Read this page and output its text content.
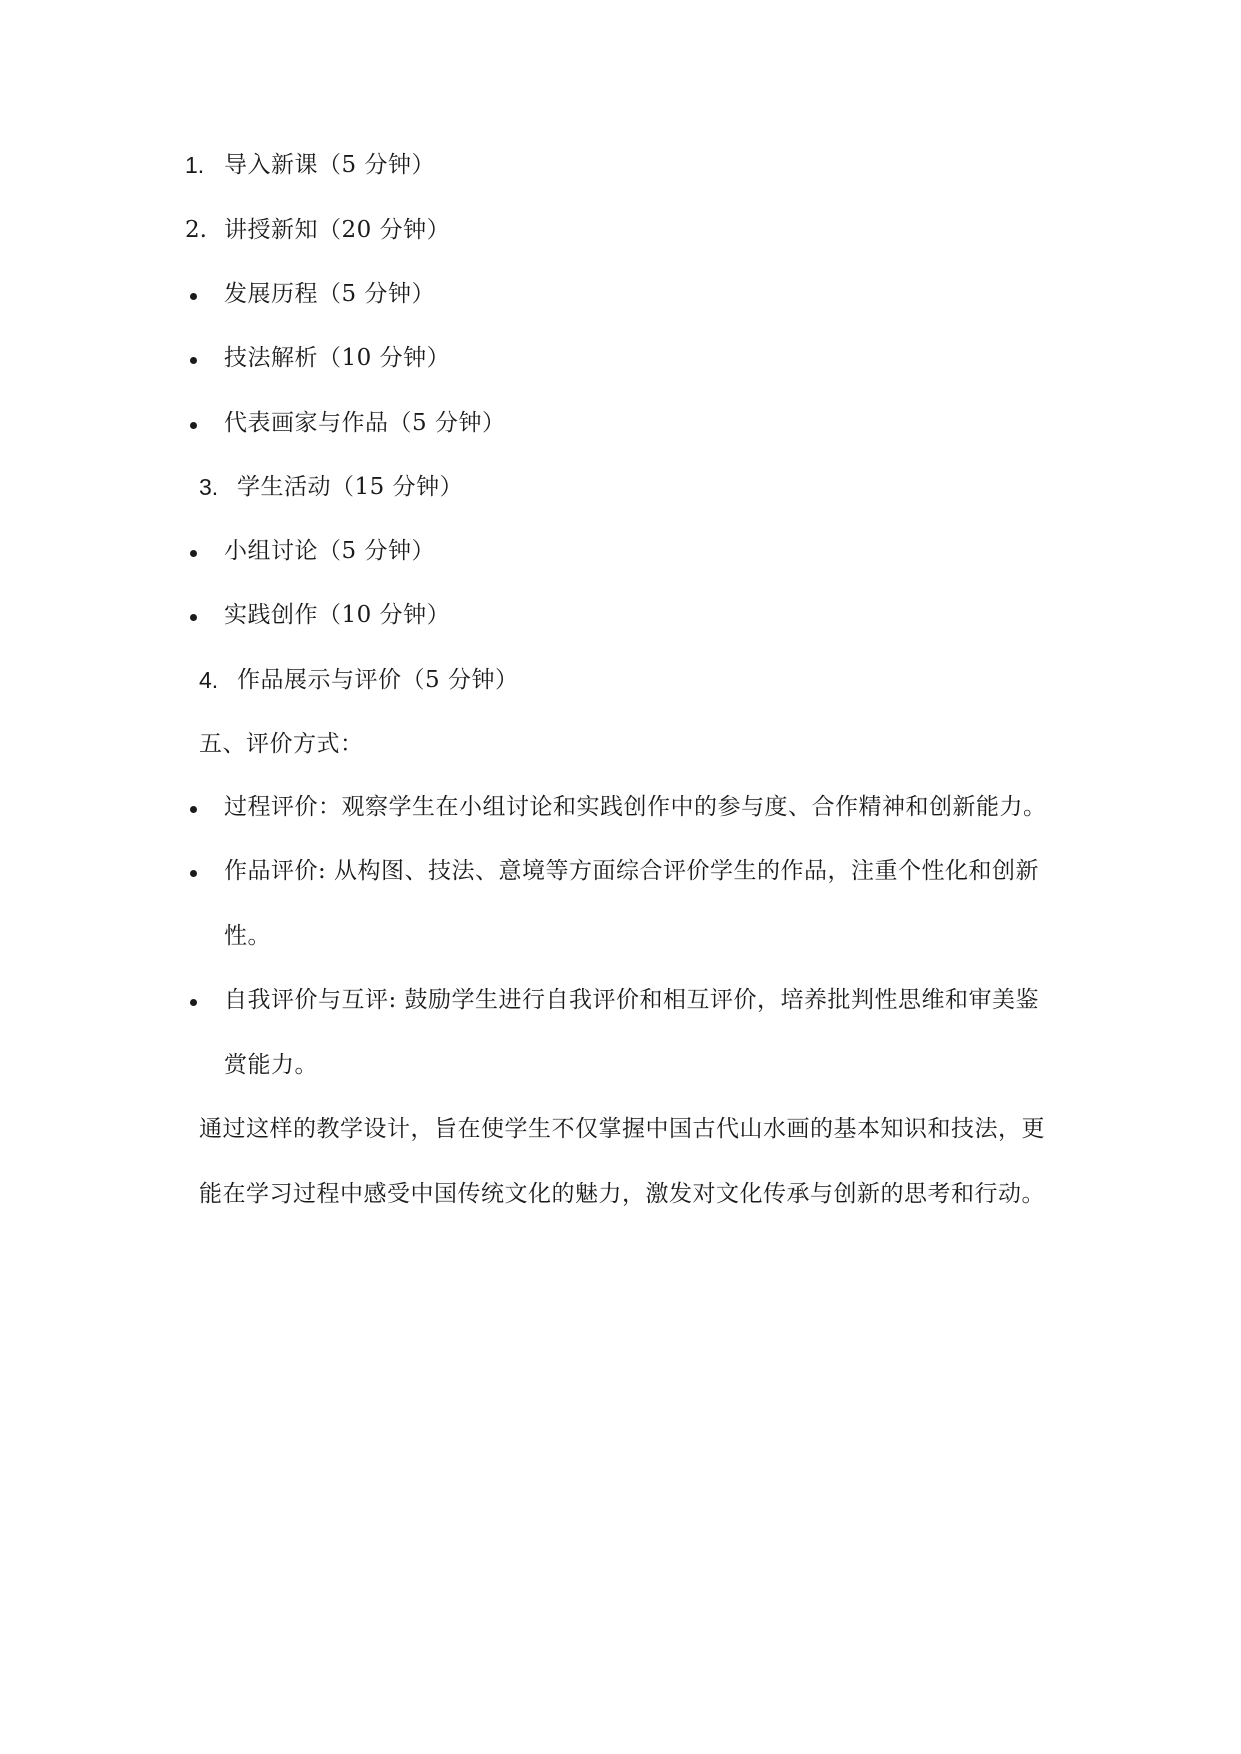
1. 导入新课（5 分钟）
2. 讲授新知（20 分钟）
发展历程（5 分钟）
技法解析（10 分钟）
代表画家与作品（5 分钟）
3. 学生活动（15 分钟）
小组讨论（5 分钟）
实践创作（10 分钟）
4. 作品展示与评价（5 分钟）
五、评价方式：
过程评价：观察学生在小组讨论和实践创作中的参与度、合作精神和创新能力。
作品评价: 从构图、技法、意境等方面综合评价学生的作品，注重个性化和创新
性。
自我评价与互评: 鼓励学生进行自我评价和相互评价，培养批判性思维和审美鉴
赏能力。
通过这样的教学设计，旨在使学生不仅掌握中国古代山水画的基本知识和技法，更
能在学习过程中感受中国传统文化的魅力，激发对文化传承与创新的思考和行动。
